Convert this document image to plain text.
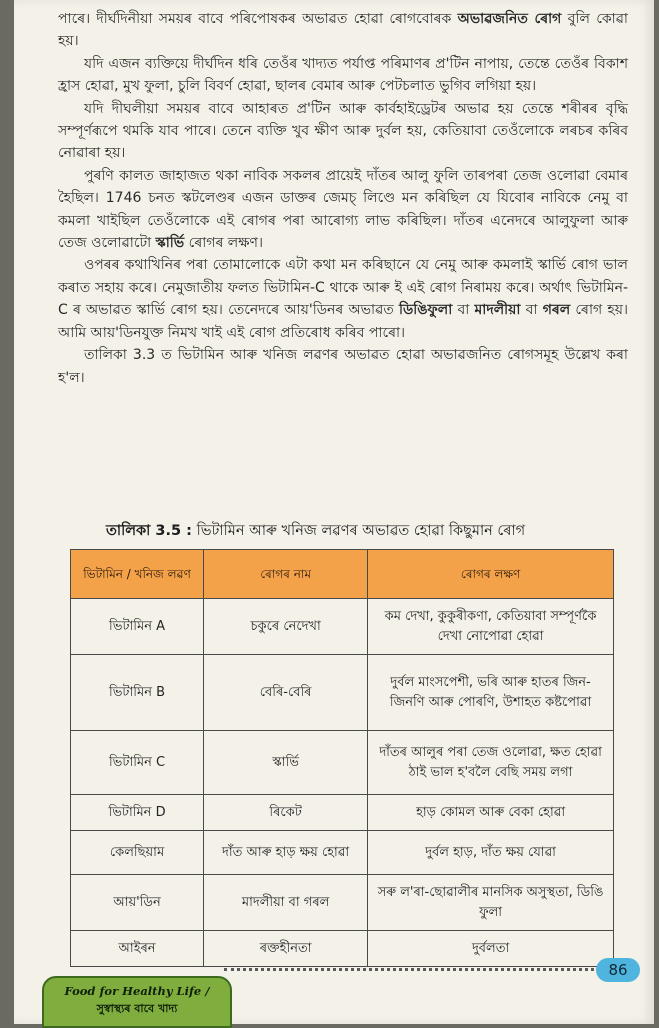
পাৰে। দীৰ্ঘদিনীয়া সময়ৰ বাবে পৰিপোষকৰ অভাৱত হোৱা ৰোগবোৰক অভাৱজনিত ৰোগ বুলি কোৱা হয়।

যদি এজন ব্যক্তিয়ে দীৰ্ঘদিন ধৰি তেওঁৰ খাদ্যত পৰ্যাপ্ত পৰিমাণৰ প্ৰ'টিন নাপায়, তেন্তে তেওঁৰ বিকাশ হ্ৰাস হোৱা, মুখ ফুলা, চুলি বিবৰ্ণ হোৱা, ছালৰ বেমাৰ আৰু পেটচলাত ভুগিব লগিয়া হয়।

যদি দীঘলীয়া সময়ৰ বাবে আহাৰত প্ৰ'টিন আৰু কাৰ্বহাইড্ৰেটৰ অভাৱ হয় তেন্তে শৰীৰৰ বৃদ্ধি সম্পূৰ্ণৰূপে থমকি যাব পাৰে। তেনে ব্যক্তি খুব ক্ষীণ আৰু দুৰ্বল হয়, কেতিয়াবা তেওঁলোকে লৰচৰ কৰিব নোৱাৰা হয়।

পুৰণি কালত জাহাজত থকা নাবিক সকলৰ প্ৰায়েই দাঁতৰ আলু ফুলি তাৰপৰা তেজ ওলোৱা বেমাৰ হৈছিল। 1746 চনত স্কটলেণ্ডৰ এজন ডাক্তৰ জেমচ্ লিণ্ডে মন কৰিছিল যে যিবোৰ নাবিকে নেমু বা কমলা খাইছিল তেওঁলোকে এই ৰোগৰ পৰা আৰোগ্য লাভ কৰিছিল। দাঁতৰ এনেদৰে আলুফুলা আৰু তেজ ওলোৱাটো স্কাৰ্ভি ৰোগৰ লক্ষণ।

ওপৰৰ কথাখিনিৰ পৰা তোমালোকে এটা কথা মন কৰিছানে যে নেমু আৰু কমলাই স্কাৰ্ভি ৰোগ ভাল কৰাত সহায় কৰে। নেমুজাতীয় ফলত ভিটামিন-C থাকে আৰু ই এই ৰোগ নিৰাময় কৰে। অৰ্থাৎ ভিটামিন-C ৰ অভাৱত স্কাৰ্ভি ৰোগ হয়। তেনেদৰে আয়'ডিনৰ অভাৱত ডিঙিফুলা বা মাদলীয়া বা গৰল ৰোগ হয়। আমি আয়'ডিনযুক্ত নিমখ খাই এই ৰোগ প্ৰতিৰোধ কৰিব পাৰো।

তালিকা 3.3 ত ভিটামিন আৰু খনিজ লৱণৰ অভাৱত হোৱা অভাৱজনিত ৰোগসমূহ উল্লেখ কৰা হ'ল।

তালিকা 3.5 : ভিটামিন আৰু খনিজ লৱণৰ অভাৱত হোৱা কিছুমান ৰোগ
ভিটামিন / খনিজ লৱণ	ৰোগৰ নাম	ৰোগৰ লক্ষণ
ভিটামিন A	চকুৰে নেদেখা	কম দেখা, কুকুৰীকণা, কেতিয়াবা সম্পূৰ্ণকৈ দেখা নোপোৱা হোৱা
ভিটামিন B	বেৰি-বেৰি	দুৰ্বল মাংসপেশী, ভৰি আৰু হাতৰ জিন-জিনণি আৰু পোৰণি, উশাহত কষ্টপোৱা
ভিটামিন C	স্কাৰ্ভি	দাঁতৰ আলুৰ পৰা তেজ ওলোৱা, ক্ষত হোৱা ঠাই ভাল হ'বলৈ বেছি সময় লগা
ভিটামিন D	ৰিকেট	হাড় কোমল আৰু বেকা হোৱা
কেলছিয়াম	দাঁত আৰু হাড় ক্ষয় হোৱা	দুৰ্বল হাড়, দাঁত ক্ষয় যোৱা
আয়'ডিন	মাদলীয়া বা গৰল	সৰু ল'ৰা-ছোৱালীৰ মানসিক অসুস্থতা, ডিঙি ফুলা
আইৰন	ৰক্তহীনতা	দুৰ্বলতা
86
Food for Healthy Life /
সুস্বাস্থ্যৰ বাবে খাদ্য
